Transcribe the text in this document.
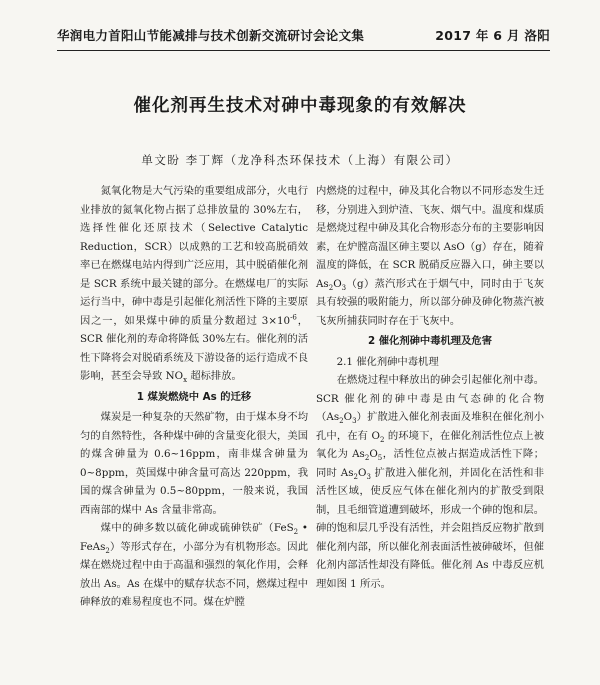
华润电力首阳山节能减排与技术创新交流研讨会论文集	2017 年 6 月 洛阳
催化剂再生技术对砷中毒现象的有效解决
单文盼 李丁辉（龙净科杰环保技术（上海）有限公司）

氮氧化物是大气污染的重要组成部分，火电行业排放的氮氧化物占据了总排放量的 30%左右，选择性催化还原技术（Selective Catalytic Reduction，SCR）以成熟的工艺和较高脱硝效率已在燃煤电站内得到广泛应用，其中脱硝催化剂是 SCR 系统中最关键的部分。在燃煤电厂的实际运行当中，砷中毒是引起催化剂活性下降的主要原因之一，如果煤中砷的质量分数超过 $3\times 10^{-6}$，SCR 催化剂的寿命将降低 30%左右。催化剂的活性下降将会对脱硝系统及下游设备的运行造成不良影响，甚至会导致 $NO_x$ 超标排放。

1 煤炭燃烧中 As 的迁移

煤炭是一种复杂的天然矿物，由于煤本身不均匀的自然特性，各种煤中砷的含量变化很大，美国的煤含砷量为 0.6~16ppm，南非煤含砷量为 0~8ppm，英国煤中砷含量可高达 220ppm，我国的煤含砷量为 0.5~80ppm，一般来说，我国西南部的煤中 As 含量非常高。

煤中的砷多数以硫化砷或硫砷铁矿（FeS$_2$ • FeAs$_2$）等形式存在，小部分为有机物形态。因此煤在燃烧过程中由于高温和强烈的氧化作用，会释放出 As。As 在煤中的赋存状态不同，燃煤过程中砷释放的难易程度也不同。煤在炉膛

内燃烧的过程中，砷及其化合物以不同形态发生迁移，分别进入到炉渣、飞灰、烟气中。温度和煤质是燃烧过程中砷及其化合物形态分布的主要影响因素，在炉膛高温区砷主要以 AsO（g）存在，随着温度的降低，在 SCR 脱硝反应器入口，砷主要以 $As_2O_3(g)$蒸汽形式在于烟气中，同时由于飞灰具有较强的吸附能力，所以部分砷及砷化物蒸汽被飞灰所捕获同时存在于飞灰中。

2 催化剂砷中毒机理及危害

2.1 催化剂砷中毒机理

在燃烧过程中释放出的砷会引起催化剂中毒。SCR 催化剂的砷中毒是由气态砷的化合物$(As_2O_3)$扩散进入催化剂表面及堆积在催化剂小孔中，在有 $O_2$ 的环境下，在催化剂活性位点上被氧化为 $As_2O_5$，活性位点被占据造成活性下降；同时 $As_2O_3$ 扩散进入催化剂，并固化在活性和非活性区域，使反应气体在催化剂内的扩散受到限制，且毛细管道遭到破坏，形成一个砷的饱和层。砷的饱和层几乎没有活性，并会阻挡反应物扩散到催化剂内部，所以催化剂表面活性被砷破坏，但催化剂内部活性却没有降低。催化剂 As 中毒反应机理如图 1 所示。
